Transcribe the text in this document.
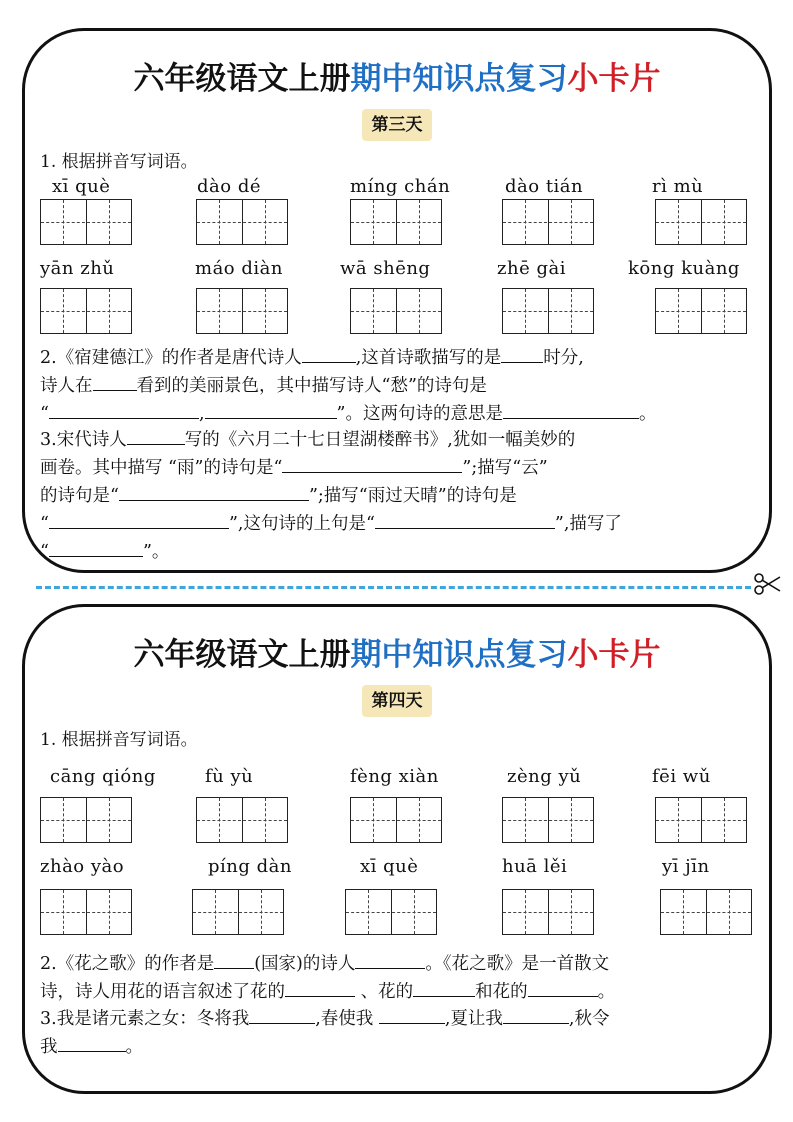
六年级语文上册期中知识点复习小卡片
第三天
1. 根据拼音写词语。
xī què	dào dé	míng chán	dào tián	rì mù
yān zhǔ	máo diàn	wā shēng	zhē gài	kōng kuàng
2.《宿建德江》的作者是唐代诗人	,这首诗歌描写的是 时分,
诗人在	看到的美丽景色，其中描写诗人“愁”的诗句是
“	,	”。这两句诗的意思是	。
3.宋代诗人	写的《六月二十七日望湖楼醉书》,犹如一幅美妙的
画卷。其中描写 “雨”的诗句是“	”;描写“云”
的诗句是“	”;描写“雨过天晴”的诗句是
“	”,这句诗的上句是“	”,描写了
“	”。
六年级语文上册期中知识点复习小卡片
第四天
1. 根据拼音写词语。
cāng qióng	fù yù	fèng xiàn	zèng yǔ	fēi wǔ
zhào yào	píng dàn	xī què	huā lěi	yī jīn
2.《花之歌》的作者是 (国家)的诗人	。《花之歌》是一首散文
诗，诗人用花的语言叙述了花的	、花的	和花的	。
3.我是诸元素之女：冬将我	,春使我	,夏让我	,秋令
我	。
